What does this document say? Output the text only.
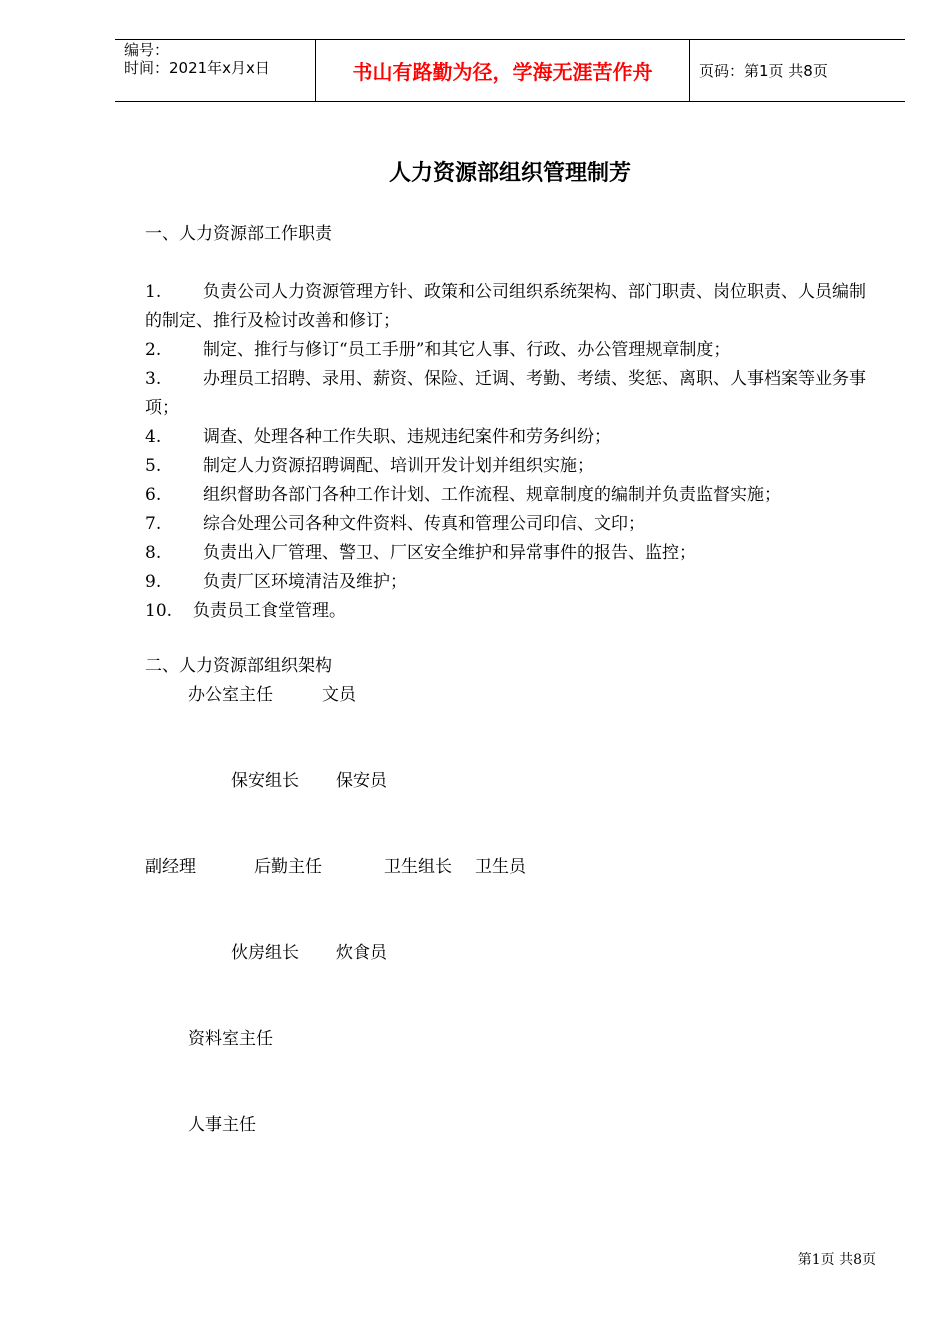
编号：
时间：2021年x月x日	书山有路勤为径，学海无涯苦作舟	页码：第1页 共8页
人力资源部组织管理制芳
一、人力资源部工作职责
1. 负责公司人力资源管理方针、政策和公司组织系统架构、部门职责、岗位职责、人员编制的制定、推行及检讨改善和修订；
2. 制定、推行与修订“员工手册”和其它人事、行政、办公管理规章制度；
3. 办理员工招聘、录用、薪资、保险、迁调、考勤、考绩、奖惩、离职、人事档案等业务事项；
4. 调查、处理各种工作失职、违规违纪案件和劳务纠纷；
5. 制定人力资源招聘调配、培训开发计划并组织实施；
6. 组织督助各部门各种工作计划、工作流程、规章制度的编制并负责监督实施；
7. 综合处理公司各种文件资料、传真和管理公司印信、文印；
8. 负责出入厂管理、警卫、厂区安全维护和异常事件的报告、监控；
9. 负责厂区环境清洁及维护；
10. 负责员工食堂管理。
二、人力资源部组织架构
办公室主任	文员
保安组长 保安员
副经理	后勤主任	卫生组长 卫生员
伙房组长 炊食员
资料室主任
人事主任
第1页 共8页
